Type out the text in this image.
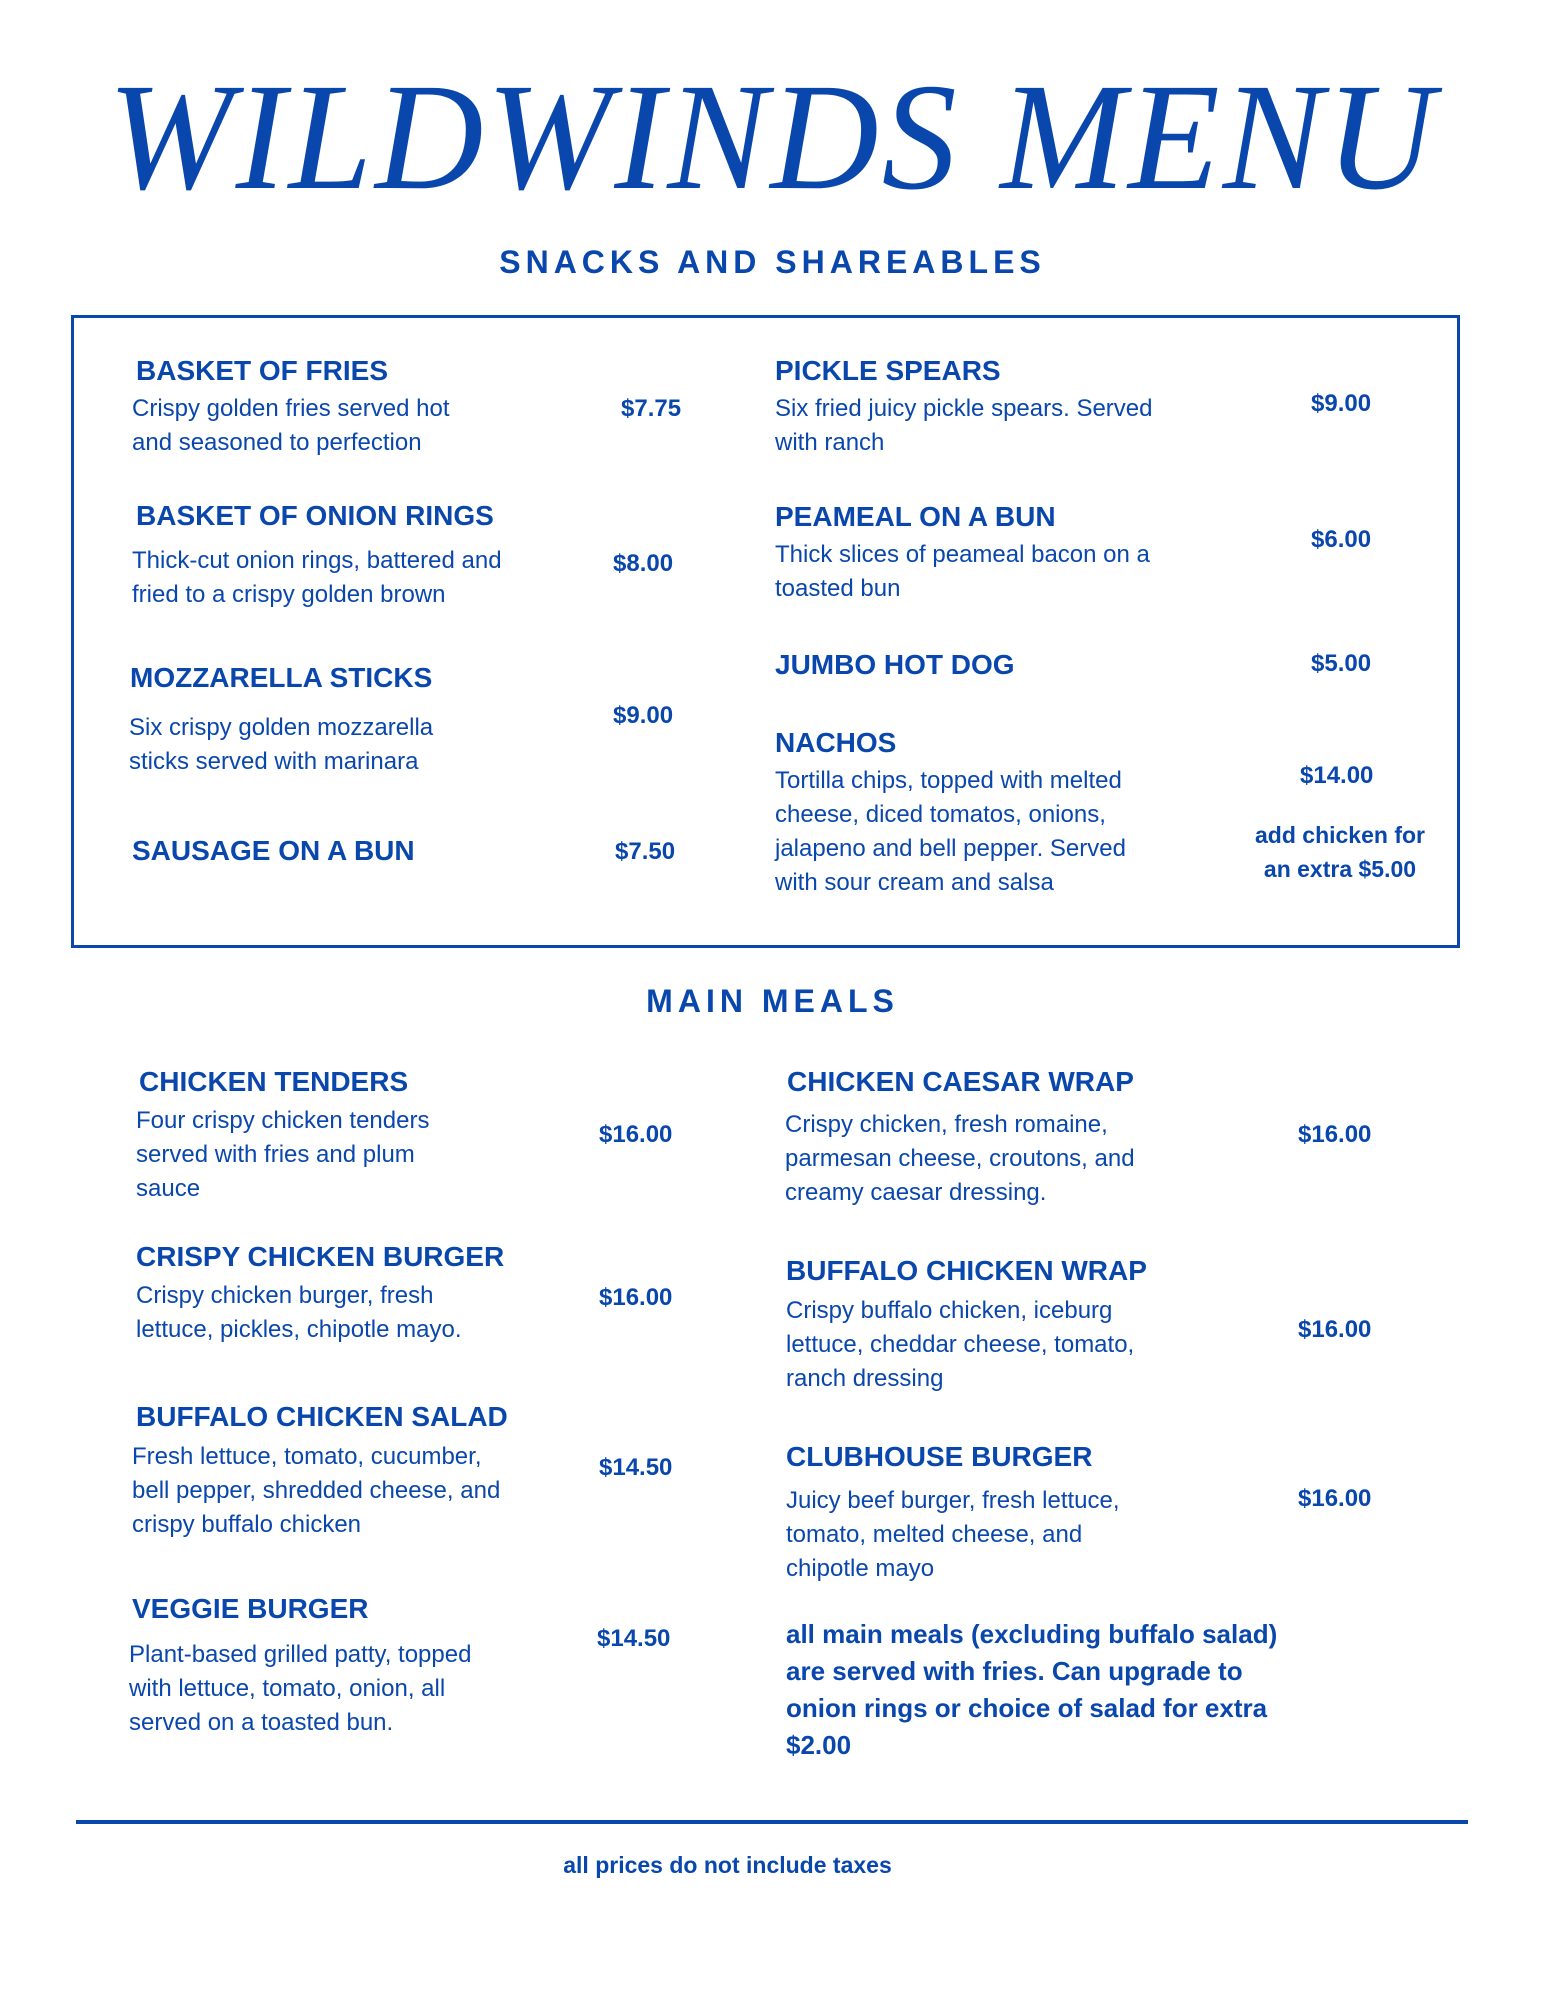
WILDWINDS MENU
SNACKS AND SHAREABLES
BASKET OF FRIES
Crispy golden fries served hot
and seasoned to perfection
$7.75
BASKET OF ONION RINGS
Thick-cut onion rings, battered and
fried to a crispy golden brown
$8.00
MOZZARELLA STICKS
Six crispy golden mozzarella
sticks served with marinara
$9.00
SAUSAGE ON A BUN	$7.50
PICKLE SPEARS
Six fried juicy pickle spears. Served
with ranch
$9.00
PEAMEAL ON A BUN
Thick slices of peameal bacon on a
toasted bun
$6.00
JUMBO HOT DOG	$5.00
NACHOS
Tortilla chips, topped with melted
cheese, diced tomatos, onions,
jalapeno and bell pepper. Served
with sour cream and salsa
$14.00
add chicken for
an extra $5.00
MAIN MEALS
CHICKEN TENDERS
Four crispy chicken tenders
served with fries and plum
sauce
$16.00
CRISPY CHICKEN BURGER
Crispy chicken burger, fresh
lettuce, pickles, chipotle mayo.
$16.00
BUFFALO CHICKEN SALAD
Fresh lettuce, tomato, cucumber,
bell pepper, shredded cheese, and
crispy buffalo chicken
$14.50
VEGGIE BURGER
Plant-based grilled patty, topped
with lettuce, tomato, onion, all
served on a toasted bun.
$14.50
CHICKEN CAESAR WRAP
Crispy chicken, fresh romaine,
parmesan cheese, croutons, and
creamy caesar dressing.
$16.00
BUFFALO CHICKEN WRAP
Crispy buffalo chicken, iceburg
lettuce, cheddar cheese, tomato,
ranch dressing
$16.00
CLUBHOUSE BURGER
Juicy beef burger, fresh lettuce,
tomato, melted cheese, and
chipotle mayo
$16.00
all main meals (excluding buffalo salad)
are served with fries. Can upgrade to
onion rings or choice of salad for extra
$2.00
all prices do not include taxes
